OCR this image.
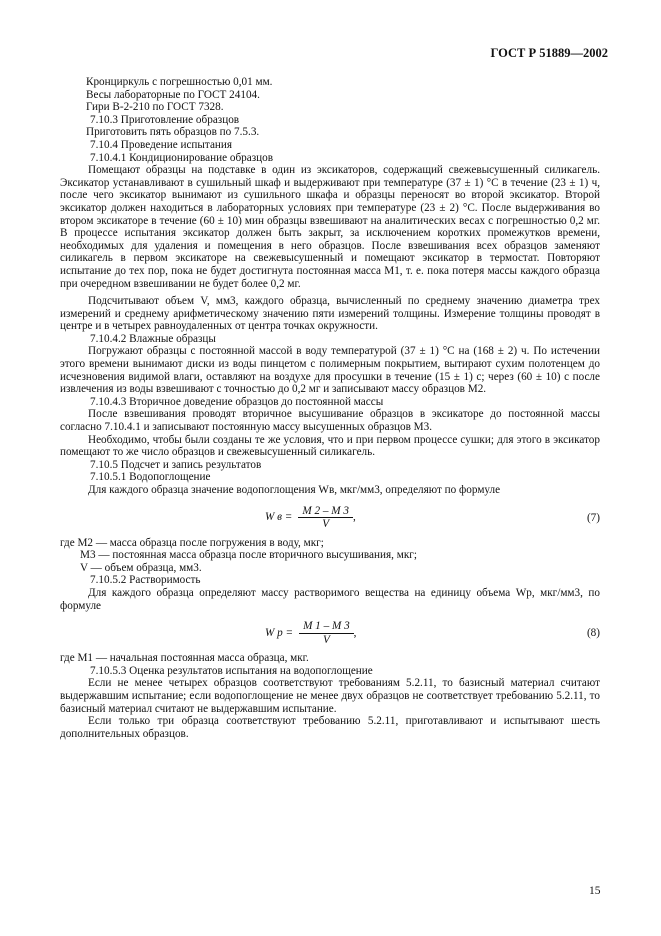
ГОСТ Р 51889—2002
Кронциркуль с погрешностью 0,01 мм.
Весы лабораторные по ГОСТ 24104.
Гири В-2-210 по ГОСТ 7328.
7.10.3 Приготовление образцов
Приготовить пять образцов по 7.5.3.
7.10.4 Проведение испытания
7.10.4.1 Кондиционирование образцов

Помещают образцы на подставке в один из эксикаторов, содержащий свежевысушенный силикагель. Эксикатор устанавливают в сушильный шкаф и выдерживают при температуре (37 ± 1) °С в течение (23 ± 1) ч, после чего эксикатор вынимают из сушильного шкафа и образцы переносят во второй эксикатор. Второй эксикатор должен находиться в лабораторных условиях при температуре (23 ± 2) °С. После выдерживания во втором эксикаторе в течение (60 ± 10) мин образцы взвешивают на аналитических весах с погрешностью 0,2 мг. В процессе испытания эксикатор должен быть закрыт, за исключением коротких промежутков времени, необходимых для удаления и помещения в него образцов. После взвешивания всех образцов заменяют силикагель в первом эксикаторе на свежевысушенный и помещают эксикатор в термостат. Повторяют испытание до тех пор, пока не будет достигнута постоянная масса M1, т. е. пока потеря массы каждого образца при очередном взвешивании не будет более 0,2 мг.

Подсчитывают объем V, мм3, каждого образца, вычисленный по среднему значению диаметра трех измерений и среднему арифметическому значению пяти измерений толщины. Измерение толщины проводят в центре и в четырех равноудаленных от центра точках окружности.

7.10.4.2 Влажные образцы

Погружают образцы с постоянной массой в воду температурой (37 ± 1) °С на (168 ± 2) ч. По истечении этого времени вынимают диски из воды пинцетом с полимерным покрытием, вытирают сухим полотенцем до исчезновения видимой влаги, оставляют на воздухе для просушки в течение (15 ± 1) с; через (60 ± 10) с после извлечения из воды взвешивают с точностью до 0,2 мг и записывают массу образцов M2.

7.10.4.3 Вторичное доведение образцов до постоянной массы

После взвешивания проводят вторичное высушивание образцов в эксикаторе до постоянной массы согласно 7.10.4.1 и записывают постоянную массу высушенных образцов M3.

Необходимо, чтобы были созданы те же условия, что и при первом процессе сушки; для этого в эксикатор помещают то же число образцов и свежевысушенный силикагель.

7.10.5 Подсчет и запись результатов
7.10.5.1 Водопоглощение

Для каждого образца значение водопоглощения Wв, мкг/мм3, определяют по формуле

W $в = \frac{M 2 - M 3}{V}$ ,	(7)
где M2 — масса образца после погружения в воду, мкг;
M3 — постоянная масса образца после вторичного высушивания, мкг;
V — объем образца, мм3.
7.10.5.2 Растворимость

Для каждого образца определяют массу растворимого вещества на единицу объема Wр, мкг/мм3, по формуле

W $р = \frac{M 1 - M 3}{V}$ ,	(8)
где M1 — начальная постоянная масса образца, мкг.
7.10.5.3 Оценка результатов испытания на водопоглощение

Если не менее четырех образцов соответствуют требованиям 5.2.11, то базисный материал считают выдержавшим испытание; если водопоглощение не менее двух образцов не соответствует требованию 5.2.11, то базисный материал считают не выдержавшим испытание.

Если только три образца соответствуют требованию 5.2.11, приготавливают и испытывают шесть дополнительных образцов.

15
